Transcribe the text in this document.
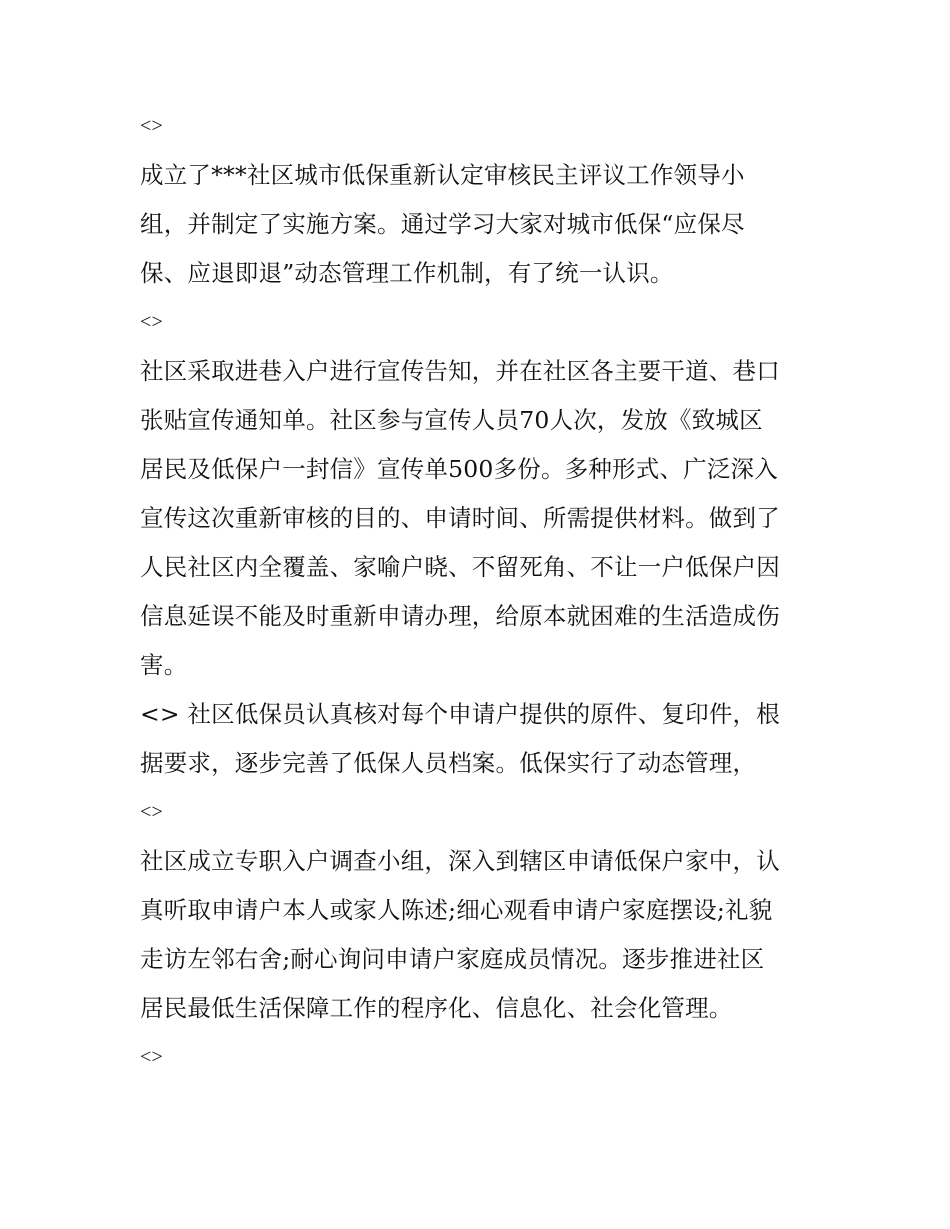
<>
成立了***社区城市低保重新认定审核民主评议工作领导小
组，并制定了实施方案。通过学习大家对城市低保“应保尽
保、应退即退”动态管理工作机制，有了统一认识。
<>
社区采取进巷入户进行宣传告知，并在社区各主要干道、巷口
张贴宣传通知单。社区参与宣传人员70人次，发放《致城区
居民及低保户一封信》宣传单500多份。多种形式、广泛深入
宣传这次重新审核的目的、申请时间、所需提供材料。做到了
人民社区内全覆盖、家喻户晓、不留死角、不让一户低保户因
信息延误不能及时重新申请办理，给原本就困难的生活造成伤
害。
<> 社区低保员认真核对每个申请户提供的原件、复印件，根
据要求，逐步完善了低保人员档案。低保实行了动态管理，
<>
社区成立专职入户调查小组，深入到辖区申请低保户家中，认
真听取申请户本人或家人陈述;细心观看申请户家庭摆设;礼貌
走访左邻右舍;耐心询问申请户家庭成员情况。逐步推进社区
居民最低生活保障工作的程序化、信息化、社会化管理。
<>
